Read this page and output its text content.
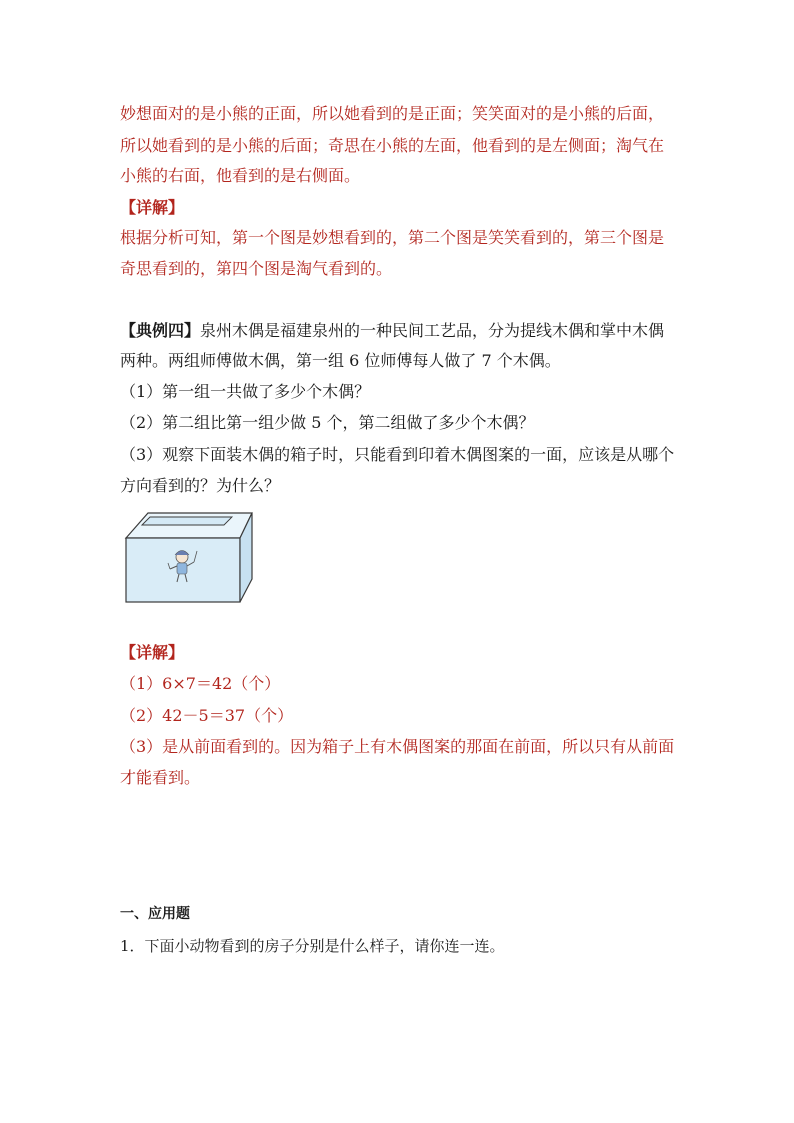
妙想面对的是小熊的正面，所以她看到的是正面；笑笑面对的是小熊的后面，
所以她看到的是小熊的后面；奇思在小熊的左面，他看到的是左侧面；淘气在
小熊的右面，他看到的是右侧面。
【详解】
根据分析可知，第一个图是妙想看到的，第二个图是笑笑看到的，第三个图是
奇思看到的，第四个图是淘气看到的。
【典例四】泉州木偶是福建泉州的一种民间工艺品，分为提线木偶和掌中木偶
两种。两组师傅做木偶，第一组 6 位师傅每人做了 7 个木偶。
（1）第一组一共做了多少个木偶？
（2）第二组比第一组少做 5 个，第二组做了多少个木偶？
（3）观察下面装木偶的箱子时，只能看到印着木偶图案的一面，应该是从哪个
方向看到的？为什么？
【详解】
（1）6×7＝42（个）
（2）42－5＝37（个）
（3）是从前面看到的。因为箱子上有木偶图案的那面在前面，所以只有从前面
才能看到。
一、应用题
1．下面小动物看到的房子分别是什么样子，请你连一连。
